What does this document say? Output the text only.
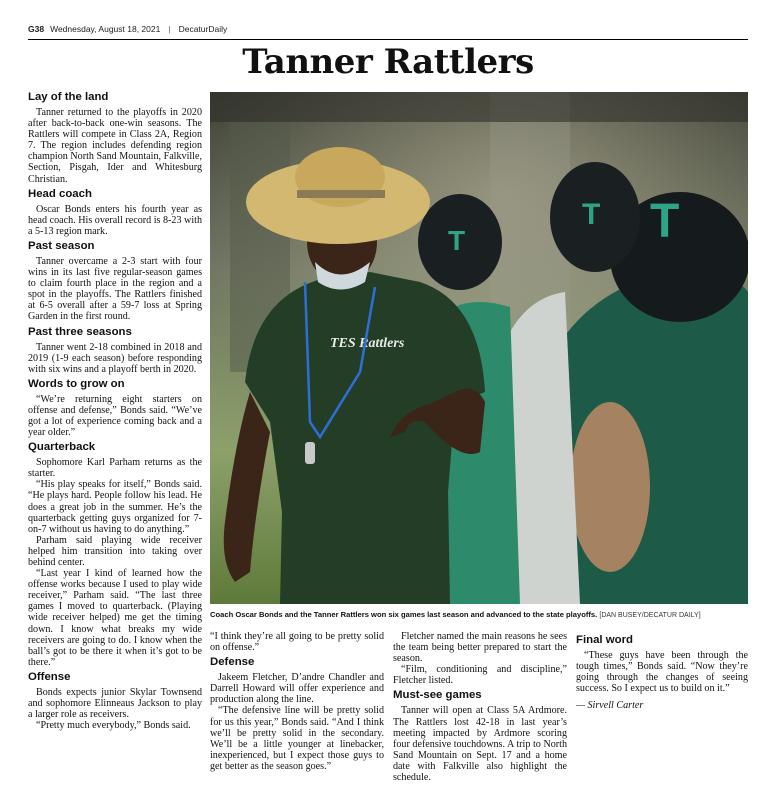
G38 Wednesday, August 18, 2021 | DecaturDaily
Tanner Rattlers
Lay of the land

Tanner returned to the playoffs in 2020 after back-to-back one-win seasons. The Rattlers will compete in Class 2A, Region 7. The region includes defending region champion North Sand Mountain, Falkville, Section, Pisgah, Ider and Whitesburg Christian.

Head coach

Oscar Bonds enters his fourth year as head coach. His overall record is 8-23 with a 5-13 region mark.

Past season

Tanner overcame a 2-3 start with four wins in its last five regular-season games to claim fourth place in the region and a spot in the playoffs. The Rattlers finished at 6-5 overall after a 59-7 loss at Spring Garden in the first round.

Past three seasons

Tanner went 2-18 combined in 2018 and 2019 (1-9 each season) before responding with six wins and a playoff berth in 2020.

Words to grow on

“We’re returning eight starters on offense and defense,” Bonds said. “We’ve got a lot of experience coming back and a year older.”

Quarterback

Sophomore Karl Parham returns as the starter.

“His play speaks for itself,” Bonds said. “He plays hard. People follow his lead. He does a great job in the summer. He’s the quarterback getting guys organized for 7-on-7 without us having to do anything.”

Parham said playing wide receiver helped him transition into taking over behind center.

“Last year I kind of learned how the offense works because I used to play wide receiver,” Parham said. “The last three games I moved to quarterback. (Playing wide receiver helped) me get the timing down. I know what breaks my wide receivers are going to do. I know when the ball’s got to be there it when it’s got to be there.”

Offense

Bonds expects junior Skylar Townsend and sophomore Elinneaus Jackson to play a larger role as receivers.

“Pretty much everybody,” Bonds said.

T
T
T
TES Rattlers
Coach Oscar Bonds and the Tanner Rattlers won six games last season and advanced to the state playoffs. [DAN BUSEY/DECATUR DAILY]

“I think they’re all going to be pretty solid on offense.”

Defense

Jakeem Fletcher, D’andre Chandler and Darrell Howard will offer experience and production along the line.

“The defensive line will be pretty solid for us this year,” Bonds said. “And I think we’ll be pretty solid in the secondary. We’ll be a little younger at linebacker, inexperienced, but I expect those guys to get better as the season goes.”

Fletcher named the main reasons he sees the team being better prepared to start the season.

“Film, conditioning and discipline,” Fletcher listed.

Must-see games

Tanner will open at Class 5A Ardmore. The Rattlers lost 42-18 in last year’s meeting impacted by Ardmore scoring four defensive touchdowns. A trip to North Sand Mountain on Sept. 17 and a home date with Falkville also highlight the schedule.

Final word

“These guys have been through the tough times,” Bonds said. “Now they’re going through the changes of seeing success. So I expect us to build on it.”

— Sirvell Carter
